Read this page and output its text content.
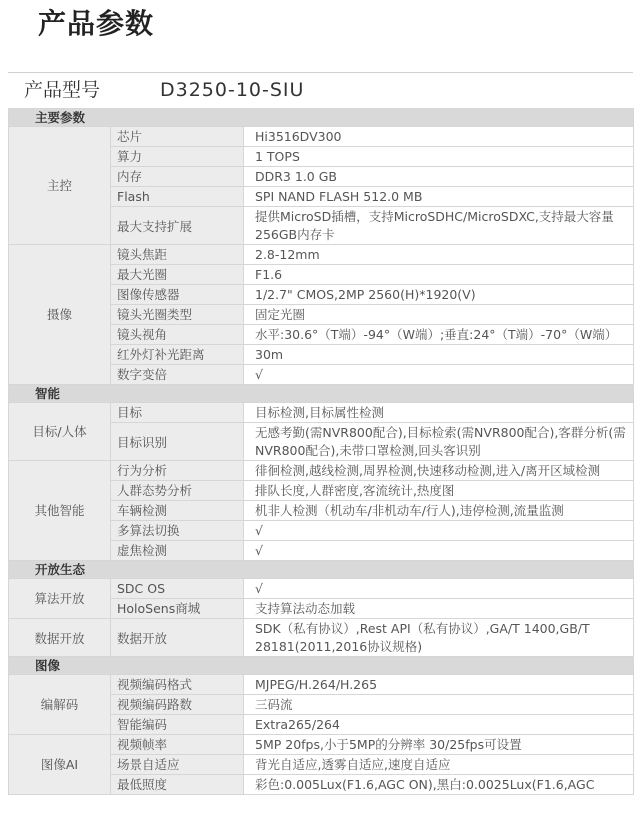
产品参数
产品型号	D3250-10-SIU
主要参数		
主控	芯片	Hi3516DV300
	算力	1 TOPS
	内存	DDR3 1.0 GB
	Flash	SPI NAND FLASH 512.0 MB
	最大支持扩展	提供MicroSD插槽，支持MicroSDHC/MicroSDXC,支持最大容量256GB内存卡
摄像	镜头焦距	2.8-12mm
	最大光圈	F1.6
	图像传感器	1/2.7" CMOS,2MP 2560(H)*1920(V)
	镜头光圈类型	固定光圈
	镜头视角	水平:30.6°（T端）-94°（W端）;垂直:24°（T端）-70°（W端）
	红外灯补光距离	30m
	数字变倍	√
智能		
目标/人体	目标	目标检测,目标属性检测
	目标识别	无感考勤(需NVR800配合),目标检索(需NVR800配合),客群分析(需NVR800配合),未带口罩检测,回头客识别
其他智能	行为分析	徘徊检测,越线检测,周界检测,快速移动检测,进入/离开区域检测
	人群态势分析	排队长度,人群密度,客流统计,热度图
	车辆检测	机非人检测（机动车/非机动车/行人),违停检测,流量监测
	多算法切换	√
	虚焦检测	√
开放生态		
算法开放	SDC OS	√
	HoloSens商城	支持算法动态加载
数据开放	数据开放	SDK（私有协议）,Rest API（私有协议）,GA/T 1400,GB/T 28181(2011,2016协议规格)
图像		
编解码	视频编码格式	MJPEG/H.264/H.265
	视频编码路数	三码流
	智能编码	Extra265/264
图像AI	视频帧率	5MP 20fps,小于5MP的分辨率 30/25fps可设置
	场景自适应	背光自适应,透雾自适应,速度自适应
	最低照度	彩色:0.005Lux(F1.6,AGC ON),黑白:0.0025Lux(F1.6,AGC
